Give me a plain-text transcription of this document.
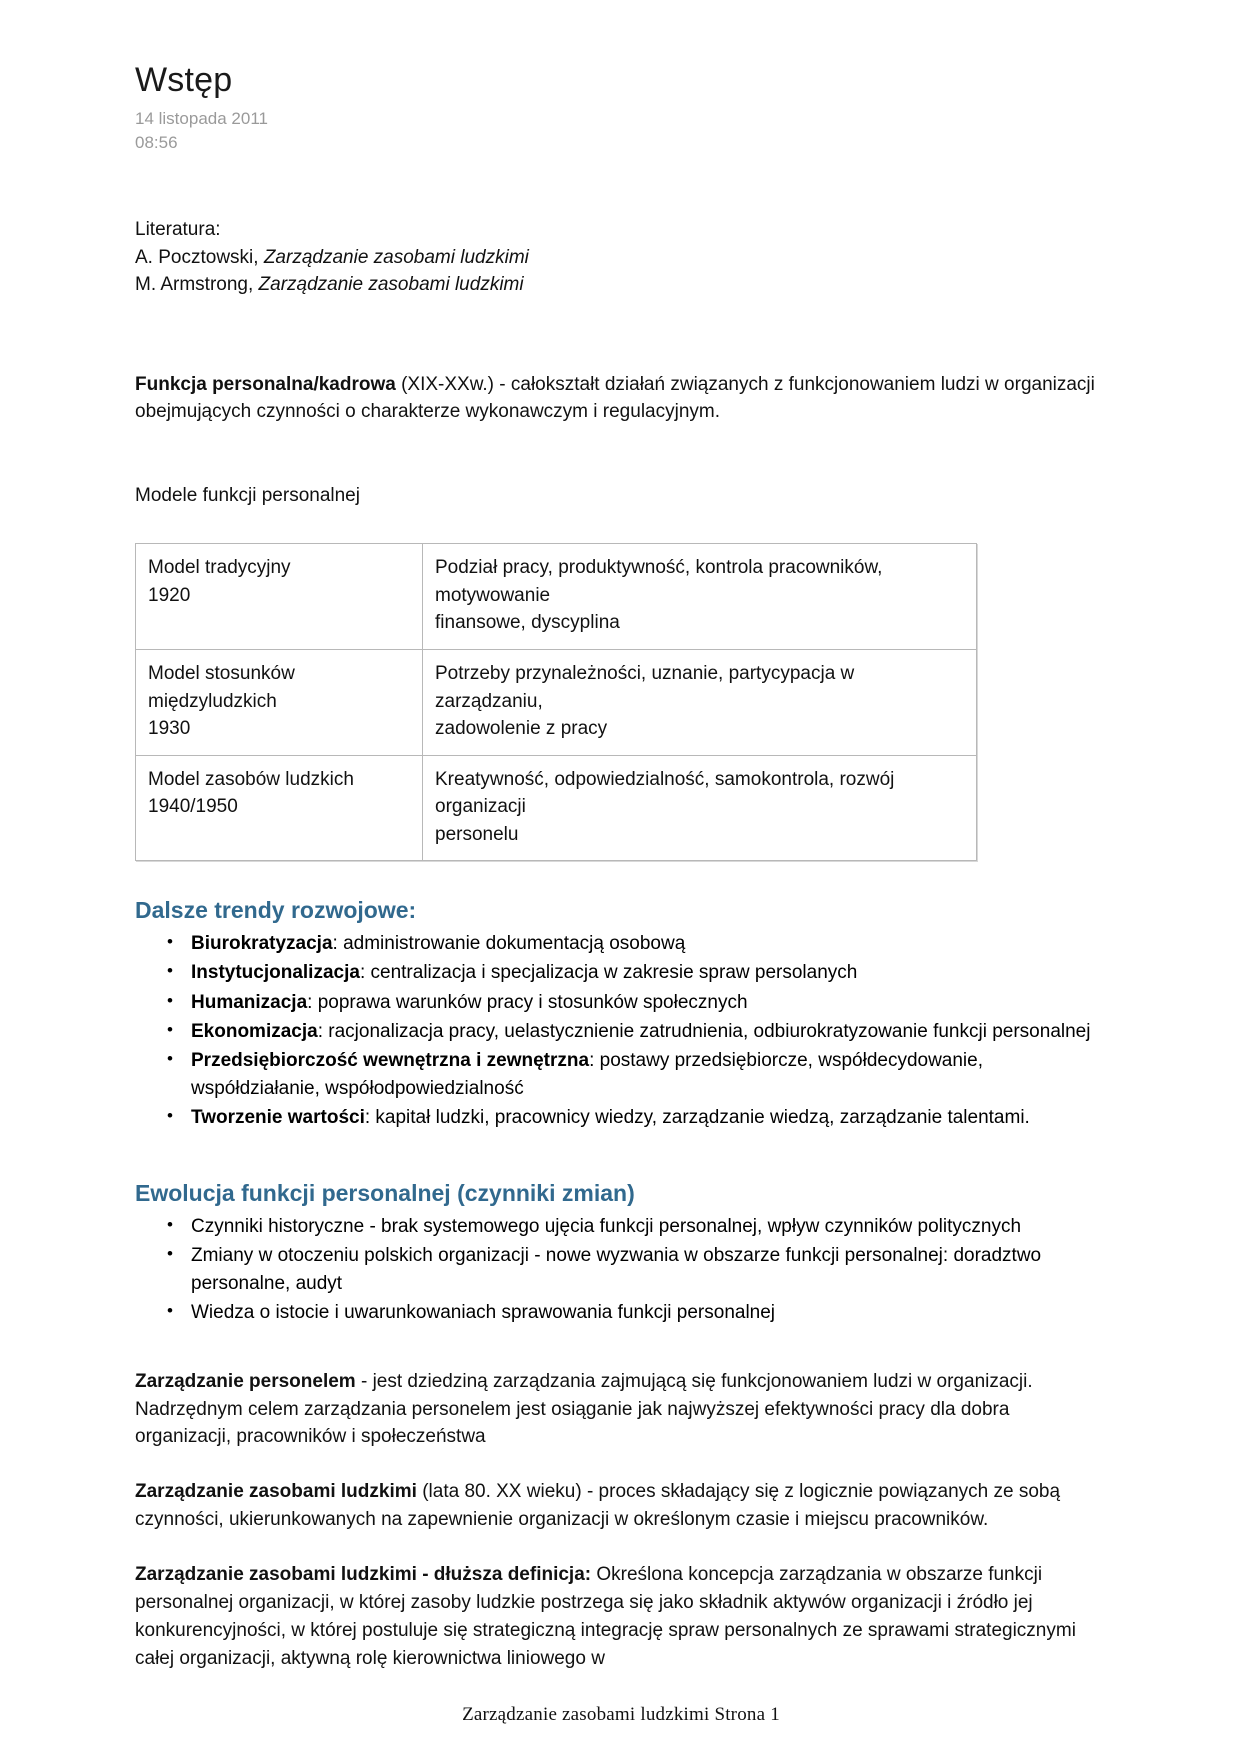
Wstęp
14 listopada 2011
08:56
Literatura:
A. Pocztowski, Zarządzanie zasobami ludzkimi
M. Armstrong, Zarządzanie zasobami ludzkimi
Funkcja personalna/kadrowa (XIX-XXw.) - całokształt działań związanych z funkcjonowaniem ludzi w organizacji obejmujących czynności o charakterze wykonawczym i regulacyjnym.
Modele funkcji personalnej
Model tradycyjny
1920	Podział pracy, produktywność, kontrola pracowników, motywowanie
finansowe, dyscyplina

Model stosunków
międzyludzkich
1930	Potrzeby przynależności, uznanie, partycypacja w zarządzaniu,
zadowolenie z pracy

Model zasobów ludzkich
1940/1950	Kreatywność, odpowiedzialność, samokontrola, rozwój organizacji
personelu
Dalsze trendy rozwojowe:
• Biurokratyzacja: administrowanie dokumentacją osobową
• Instytucjonalizacja: centralizacja i specjalizacja w zakresie spraw persolanych
• Humanizacja: poprawa warunków pracy i stosunków społecznych
• Ekonomizacja: racjonalizacja pracy, uelastycznienie zatrudnienia, odbiurokratyzowanie funkcji personalnej
• Przedsiębiorczość wewnętrzna i zewnętrzna: postawy przedsiębiorcze, współdecydowanie, współdziałanie, współodpowiedzialność
• Tworzenie wartości: kapitał ludzki, pracownicy wiedzy, zarządzanie wiedzą, zarządzanie talentami.
Ewolucja funkcji personalnej (czynniki zmian)
• Czynniki historyczne - brak systemowego ujęcia funkcji personalnej, wpływ czynników politycznych
• Zmiany w otoczeniu polskich organizacji - nowe wyzwania w obszarze funkcji personalnej: doradztwo personalne, audyt
• Wiedza o istocie i uwarunkowaniach sprawowania funkcji personalnej

Zarządzanie personelem - jest dziedziną zarządzania zajmującą się funkcjonowaniem ludzi w organizacji. Nadrzędnym celem zarządzania personelem jest osiąganie jak najwyższej efektywności pracy dla dobra organizacji, pracowników i społeczeństwa

Zarządzanie zasobami ludzkimi (lata 80. XX wieku) - proces składający się z logicznie powiązanych ze sobą czynności, ukierunkowanych na zapewnienie organizacji w określonym czasie i miejscu pracowników.

Zarządzanie zasobami ludzkimi - dłuższa definicja: Określona koncepcja zarządzania w obszarze funkcji personalnej organizacji, w której zasoby ludzkie postrzega się jako składnik aktywów organizacji i źródło jej konkurencyjności, w której postuluje się strategiczną integrację spraw personalnych ze sprawami strategicznymi całej organizacji, aktywną rolę kierownictwa liniowego w

Zarządzanie zasobami ludzkimi Strona 1
